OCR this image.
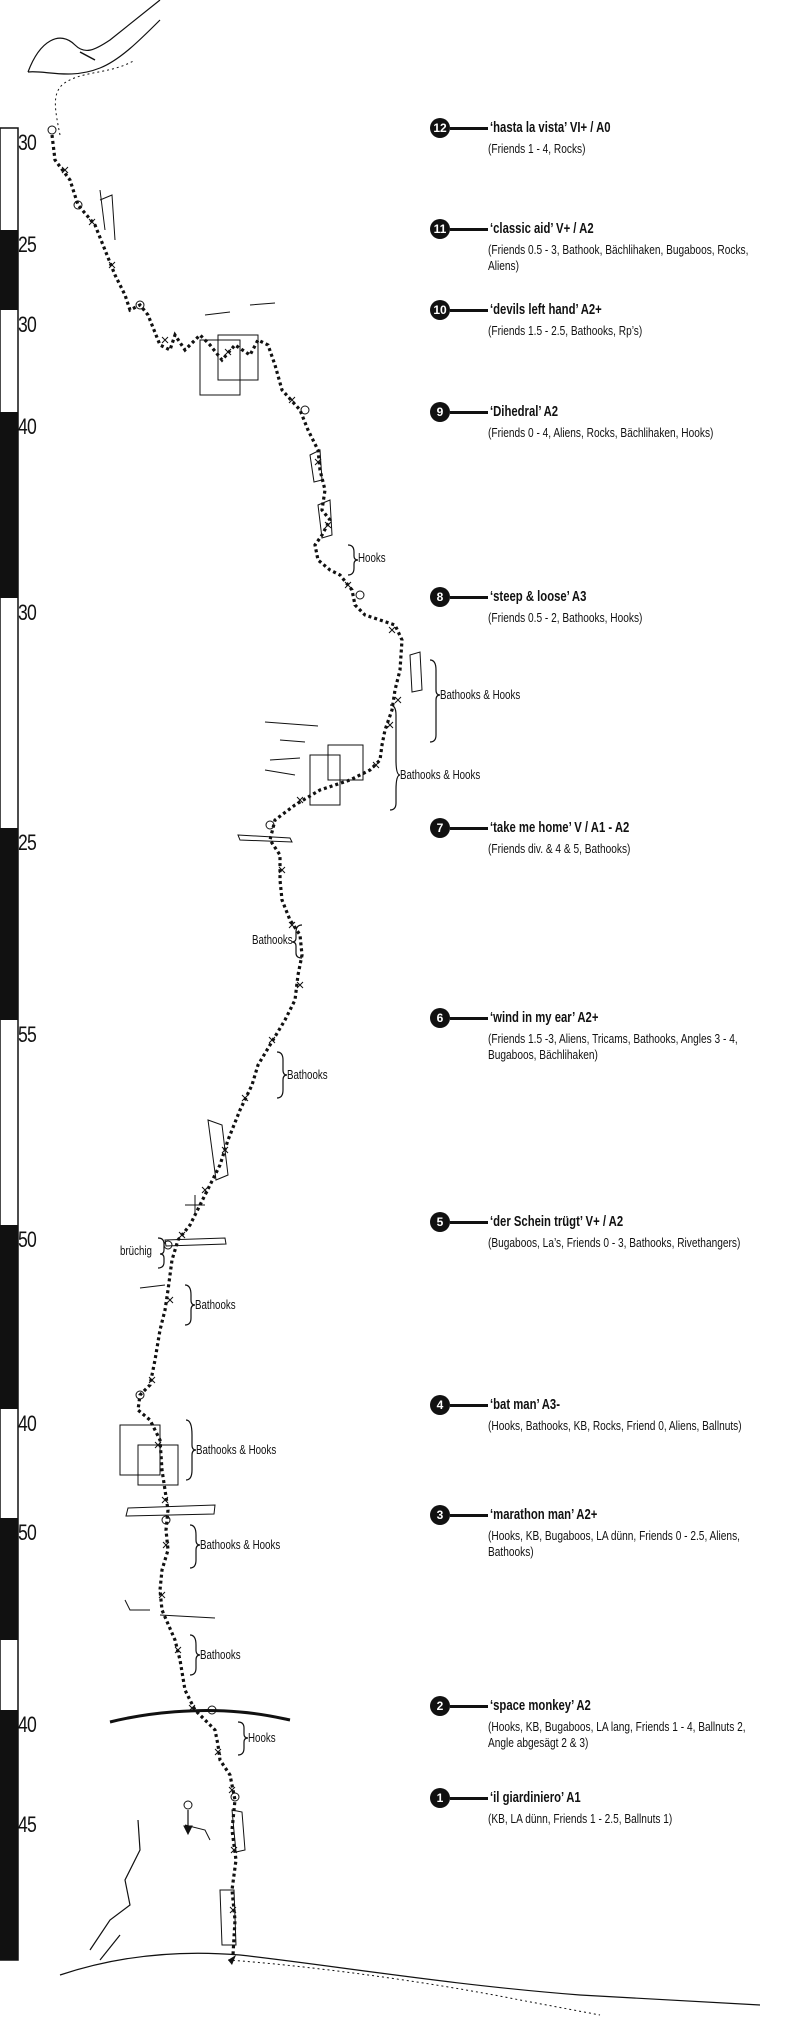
30
25
30
40
30
25
55
50
40
50
40
45
Hooks
Bathooks & Hooks
Bathooks & Hooks
Bathooks
Bathooks
brüchig
Bathooks
Bathooks & Hooks
Bathooks & Hooks
Bathooks
Hooks
12	‘hasta la vista’ VI+ / A0
(Friends 1 - 4, Rocks)
11	‘classic aid’ V+ / A2
(Friends 0.5 - 3, Bathook, Bächlihaken, Bugaboos, Rocks, Aliens)
10	‘devils left hand’ A2+
(Friends 1.5 - 2.5, Bathooks, Rp’s)
9	‘Dihedral’ A2
(Friends 0 - 4, Aliens, Rocks, Bächlihaken, Hooks)
8	‘steep & loose’ A3
(Friends 0.5 - 2, Bathooks, Hooks)
7	‘take me home’ V / A1 - A2
(Friends div. & 4 & 5, Bathooks)
6	‘wind in my ear’ A2+
(Friends 1.5 -3, Aliens, Tricams, Bathooks, Angles 3 - 4, Bugaboos, Bächlihaken)
5	‘der Schein trügt’ V+ / A2
(Bugaboos, La’s, Friends 0 - 3, Bathooks, Rivethangers)
4	‘bat man’ A3-
(Hooks, Bathooks, KB, Rocks, Friend 0, Aliens, Ballnuts)
3	‘marathon man’ A2+
(Hooks, KB, Bugaboos, LA dünn, Friends 0 - 2.5, Aliens, Bathooks)
2	‘space monkey’ A2
(Hooks, KB, Bugaboos, LA lang, Friends 1 - 4, Ballnuts 2, Angle abgesägt 2 & 3)
1	‘il giardiniero’ A1
(KB, LA dünn, Friends 1 - 2.5, Ballnuts 1)
